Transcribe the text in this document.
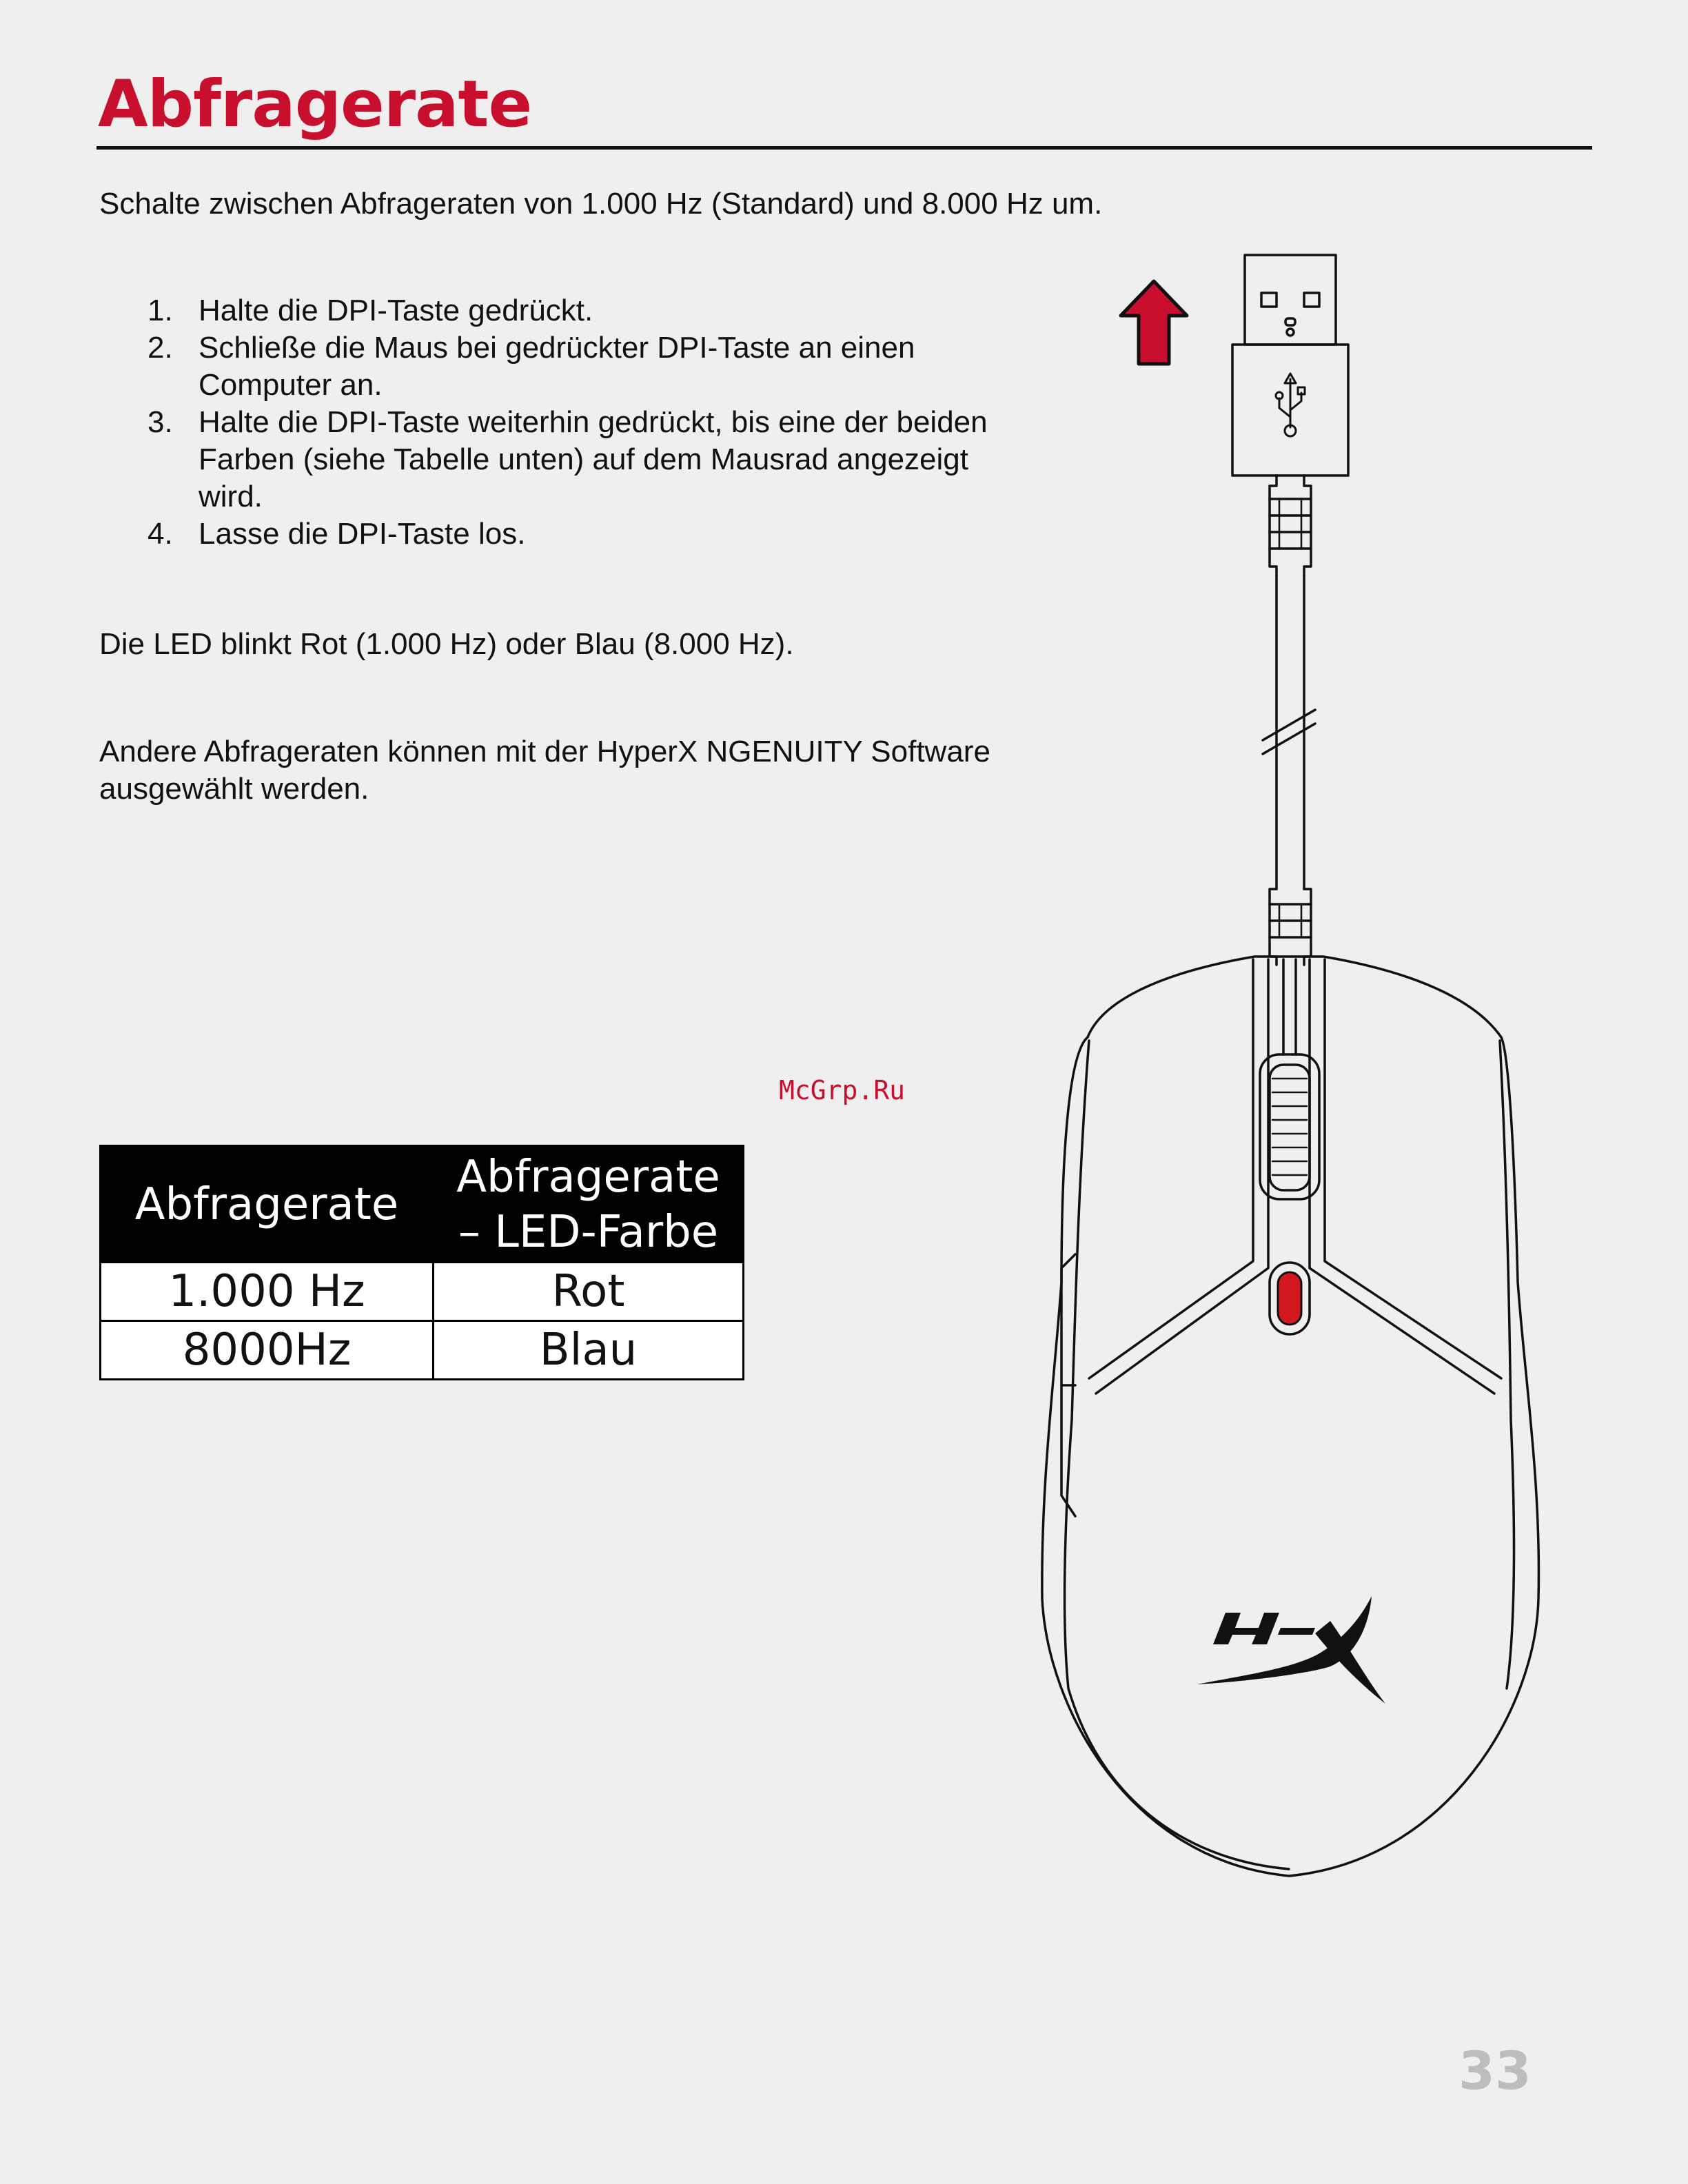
Abfragerate

Schalte zwischen Abfrageraten von 1.000 Hz (Standard) und 8.000 Hz um.

1. Halte die DPI-Taste gedrückt.
2. Schließe die Maus bei gedrückter DPI-Taste an einen Computer an.
3. Halte die DPI-Taste weiterhin gedrückt, bis eine der beiden Farben (siehe Tabelle unten) auf dem Mausrad angezeigt wird.
4. Lasse die DPI-Taste los.

Die LED blinkt Rot (1.000 Hz) oder Blau (8.000 Hz).

Andere Abfrageraten können mit der HyperX NGENUITY Software ausgewählt werden.

McGrp.Ru
Abfragerate	Abfragerate – LED-Farbe
1.000 Hz	Rot
8000Hz	Blau
33
